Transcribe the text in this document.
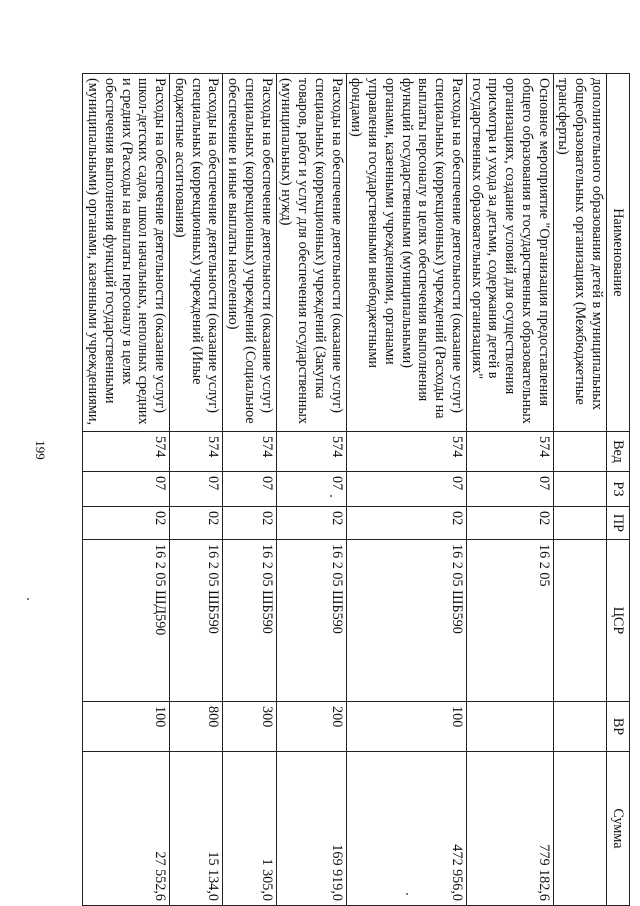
199
Наименование	Вед	РЗ	ПР	ЦСР	ВР	Сумма
дополнительного образования детей в муниципальных общеобразовательных организациях (Межбюджетные трансферты)						
Основное мероприятие "Организация предоставления общего образования в государственных образовательных организациях, создание условий для осуществления присмотра и ухода за детьми, содержания детей в государственных образовательных организациях"	574	07	02	16 2 05		779 182,6
Расходы на обеспечение деятельности (оказание услуг) специальных (коррекционных) учреждений (Расходы на выплаты персоналу в целях обеспечения выполнения функций государственными (муниципальными) органами, казенными учреждениями, органами управления государственными внебюджетными фондами)	574	07	02	16 2 05 ШБ590	100	472 956,0
Расходы на обеспечение деятельности (оказание услуг) специальных (коррекционных) учреждений (Закупка товаров, работ и услуг для обеспечения государственных (муниципальных) нужд)	574	07	02	16 2 05 ШБ590	200	169 919,0
Расходы на обеспечение деятельности (оказание услуг) специальных (коррекционных) учреждений (Социальное обеспечение и иные выплаты населению)	574	07	02	16 2 05 ШБ590	300	1 305,0
Расходы на обеспечение деятельности (оказание услуг) специальных (коррекционных) учреждений (Иные бюджетные ассигнования)	574	07	02	16 2 05 ШБ590	800	15 134,0
Расходы на обеспечение деятельности (оказание услуг) школ-детских садов, школ начальных, неполных средних и средних (Расходы на выплаты персоналу в целях обеспечения выполнения функций государственными (муниципальными) органами, казенными учреждениями,	574	07	02	16 2 05 ШД590	100	27 552,6
